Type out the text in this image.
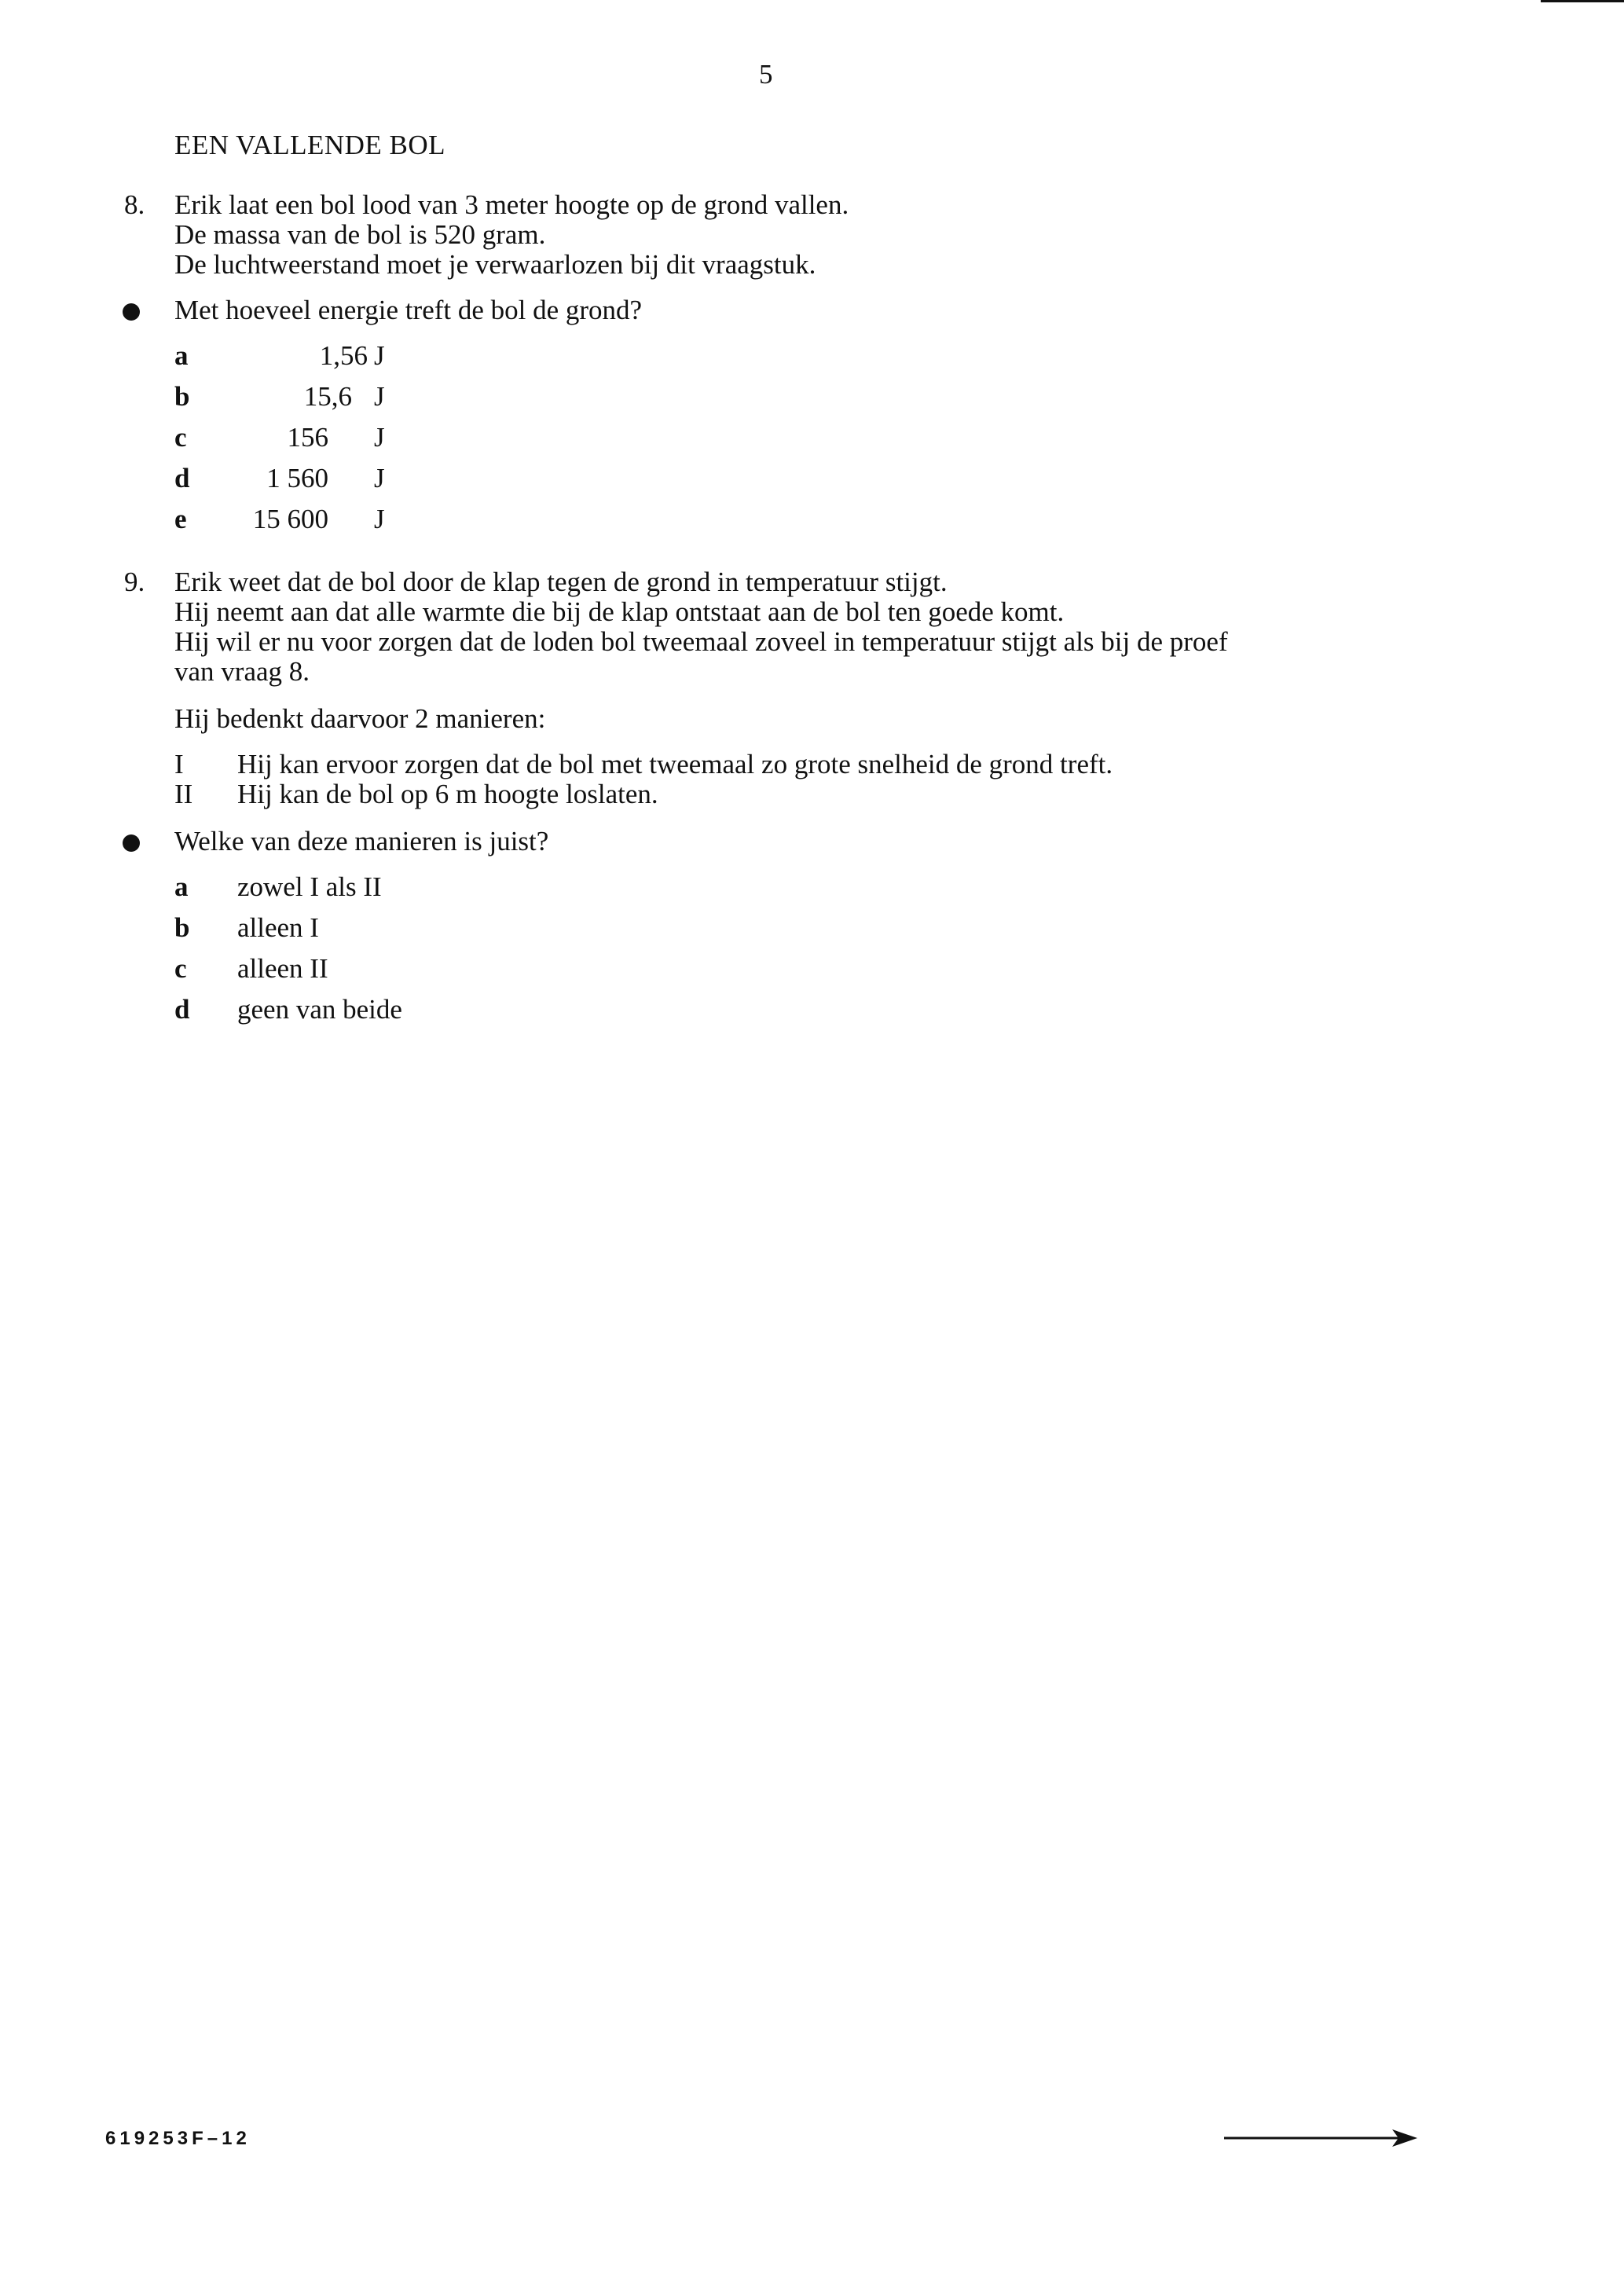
5
EEN VALLENDE BOL
8. Erik laat een bol lood van 3 meter hoogte op de grond vallen.
De massa van de bol is 520 gram.
De luchtweerstand moet je verwaarlozen bij dit vraagstuk.
Met hoeveel energie treft de bol de grond?
a	1,56 J
b	15,6 J
c	156 J
d	1 560 J
e	15 600 J
9. Erik weet dat de bol door de klap tegen de grond in temperatuur stijgt.
Hij neemt aan dat alle warmte die bij de klap ontstaat aan de bol ten goede komt.
Hij wil er nu voor zorgen dat de loden bol tweemaal zoveel in temperatuur stijgt als bij de proef
van vraag 8.
Hij bedenkt daarvoor 2 manieren:
I Hij kan ervoor zorgen dat de bol met tweemaal zo grote snelheid de grond treft.
II Hij kan de bol op 6 m hoogte loslaten.
Welke van deze manieren is juist?
a zowel I als II
b alleen I
c alleen II
d geen van beide
619253F–12
